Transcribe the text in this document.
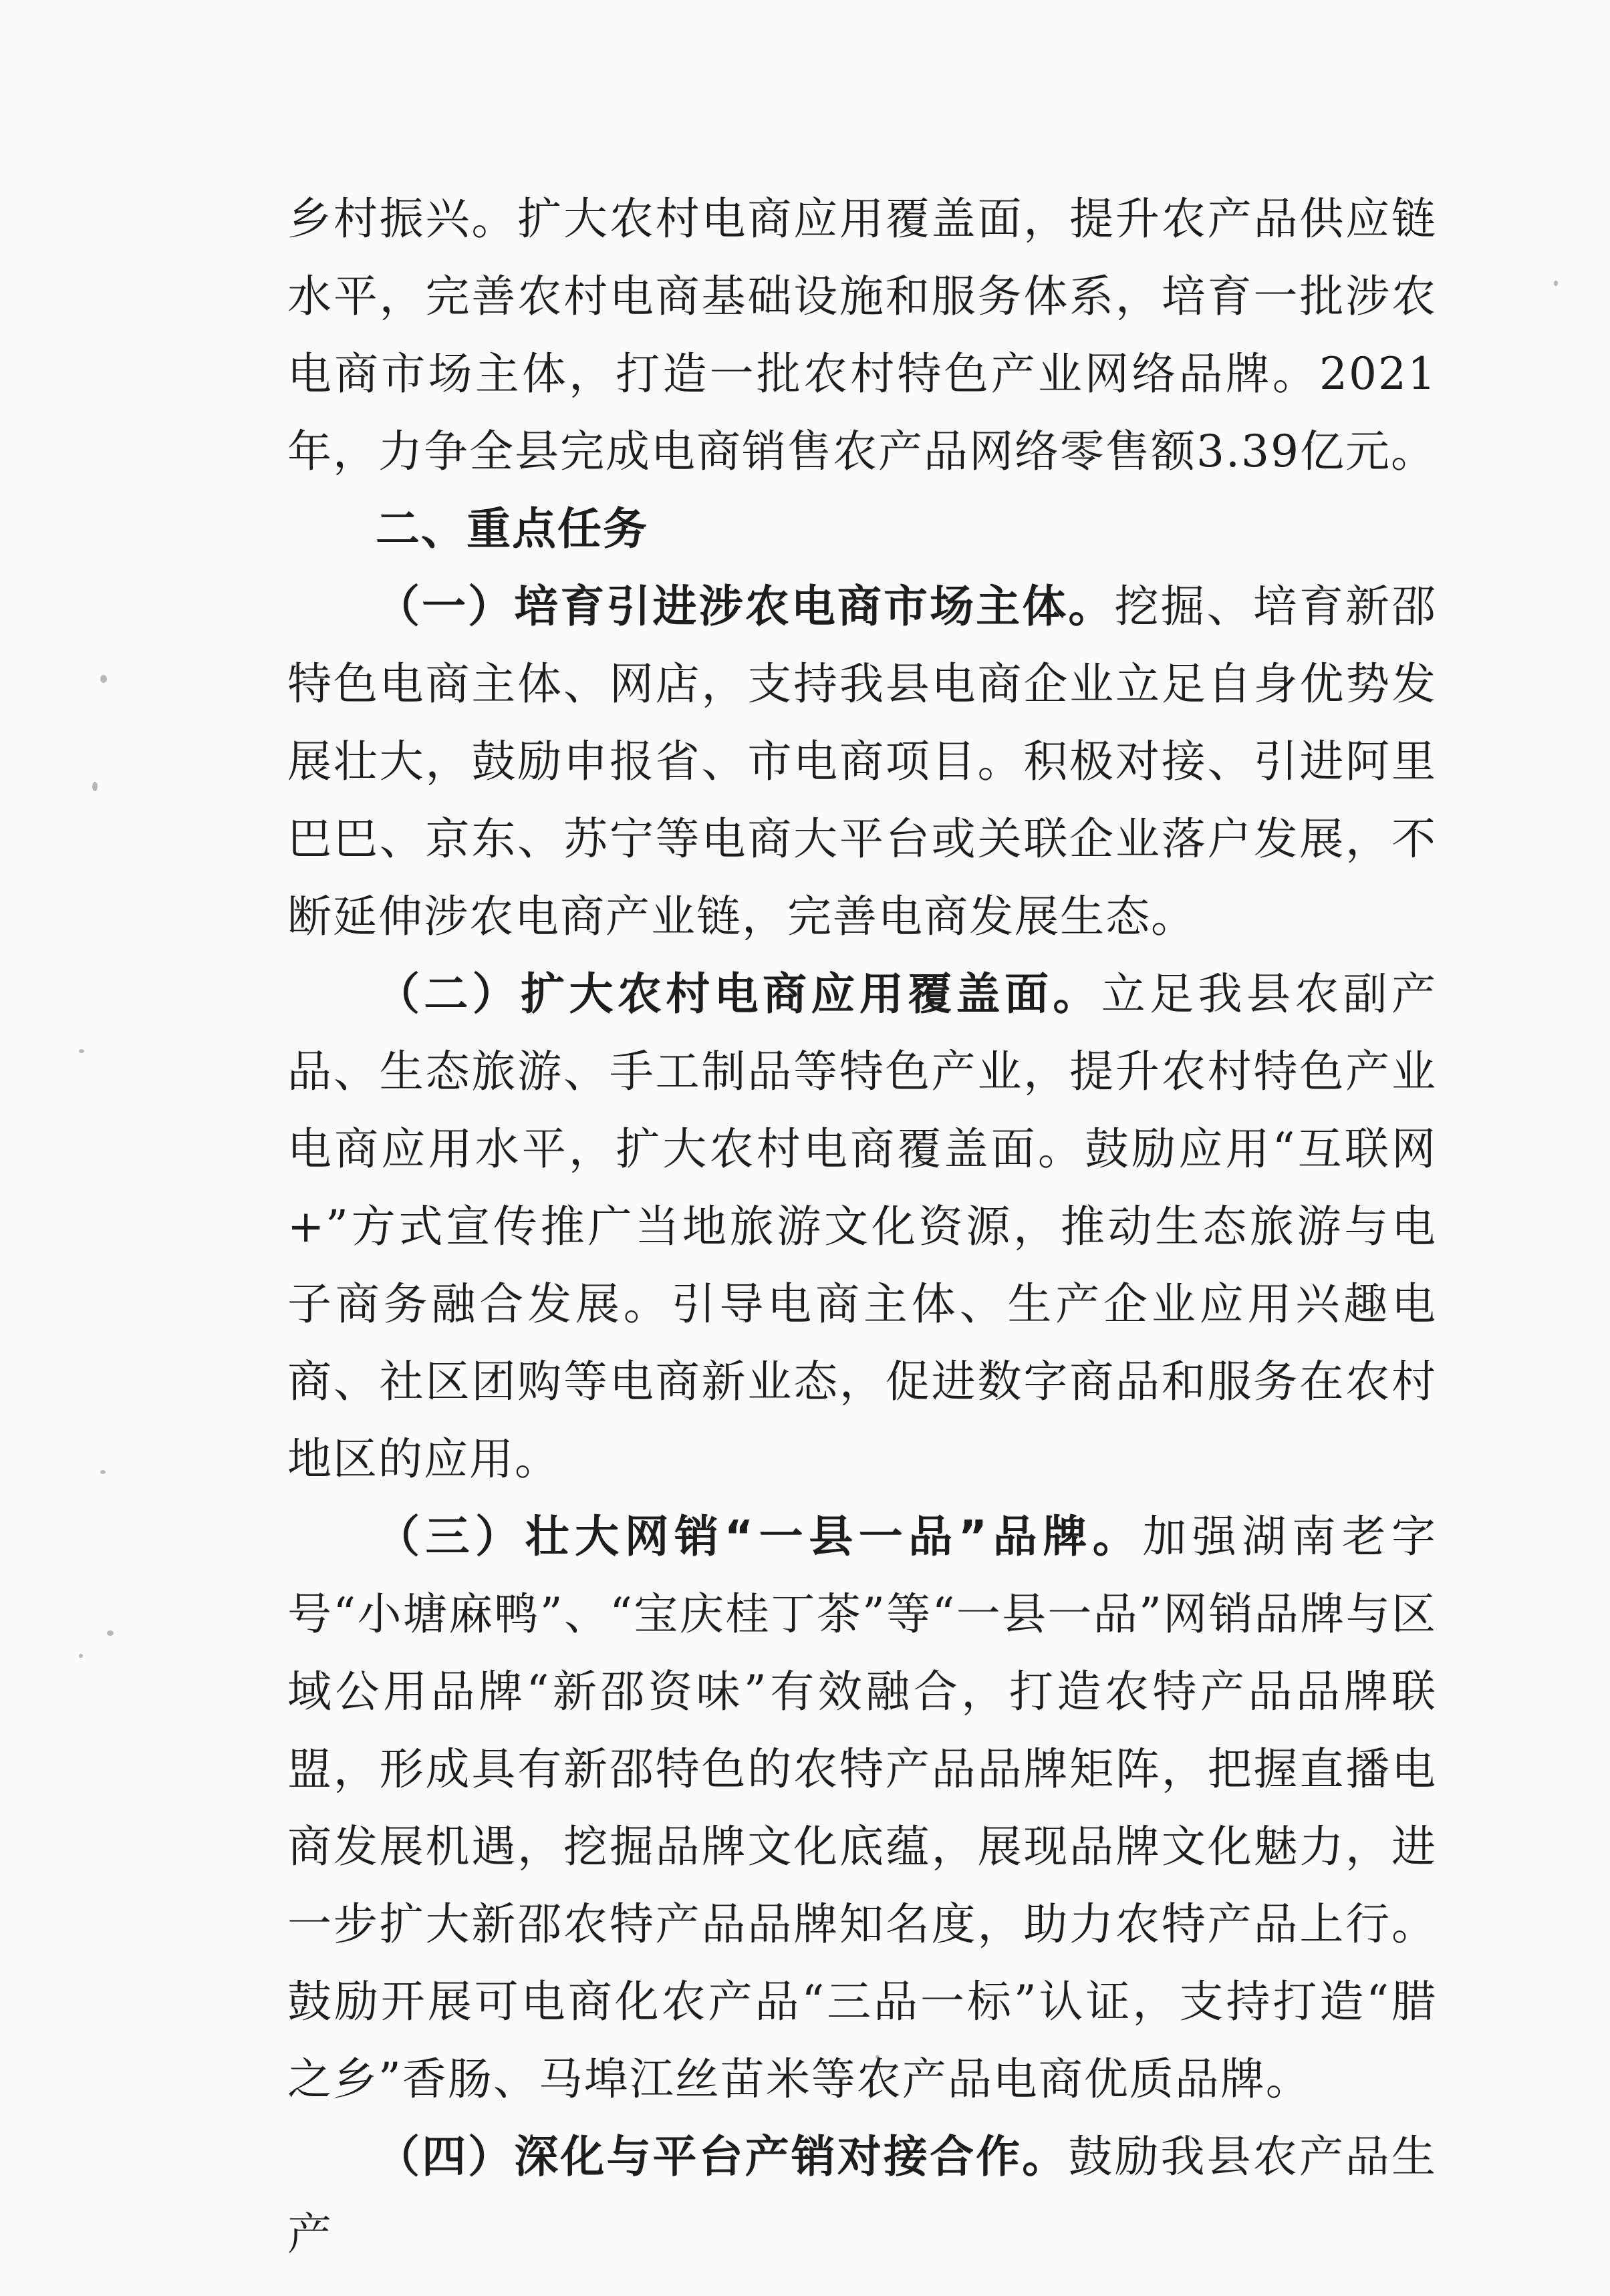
乡村振兴。扩大农村电商应用覆盖面，提升农产品供应链水平，完善农村电商基础设施和服务体系，培育一批涉农电商市场主体，打造一批农村特色产业网络品牌。2021年，力争全县完成电商销售农产品网络零售额3.39亿元。

二、重点任务

（一）培育引进涉农电商市场主体。挖掘、培育新邵特色电商主体、网店，支持我县电商企业立足自身优势发展壮大，鼓励申报省、市电商项目。积极对接、引进阿里巴巴、京东、苏宁等电商大平台或关联企业落户发展，不断延伸涉农电商产业链，完善电商发展生态。

（二）扩大农村电商应用覆盖面。立足我县农副产品、生态旅游、手工制品等特色产业，提升农村特色产业电商应用水平，扩大农村电商覆盖面。鼓励应用“互联网+”方式宣传推广当地旅游文化资源，推动生态旅游与电子商务融合发展。引导电商主体、生产企业应用兴趣电商、社区团购等电商新业态，促进数字商品和服务在农村地区的应用。

（三）壮大网销“一县一品”品牌。加强湖南老字号“小塘麻鸭”、“宝庆桂丁茶”等“一县一品”网销品牌与区域公用品牌“新邵资味”有效融合，打造农特产品品牌联盟，形成具有新邵特色的农特产品品牌矩阵，把握直播电商发展机遇，挖掘品牌文化底蕴，展现品牌文化魅力，进一步扩大新邵农特产品品牌知名度，助力农特产品上行。鼓励开展可电商化农产品“三品一标”认证，支持打造“腊之乡”香肠、马埠江丝苗米等农产品电商优质品牌。

（四）深化与平台产销对接合作。鼓励我县农产品生产
